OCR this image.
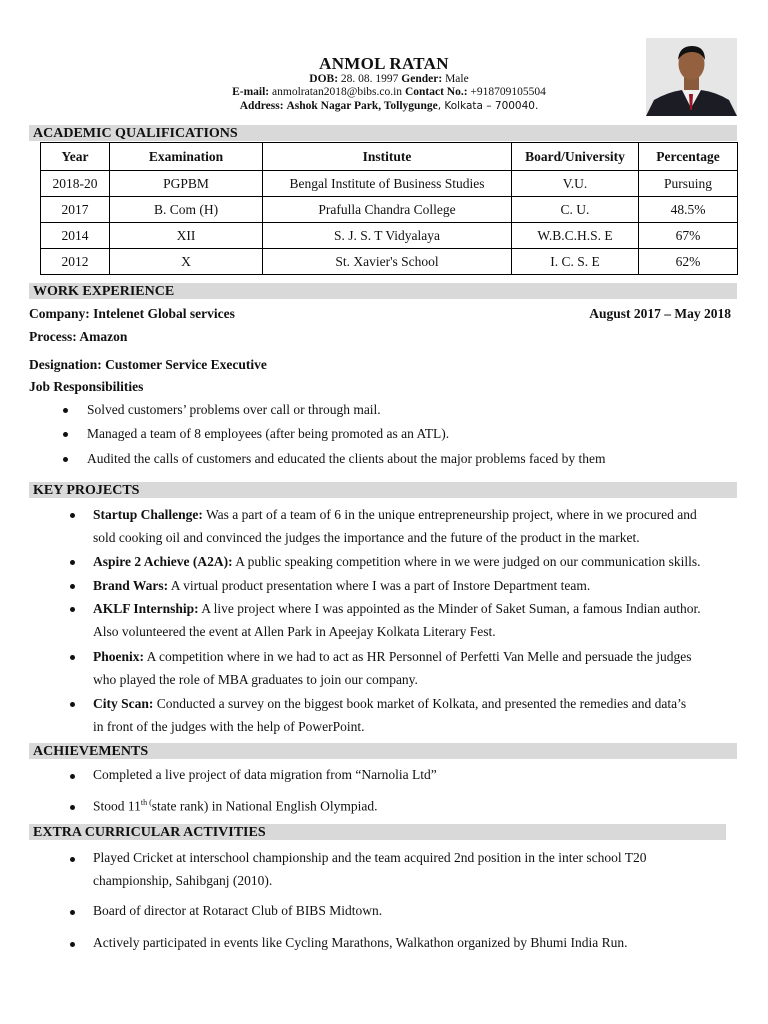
ANMOL RATAN
DOB: 28. 08. 1997 Gender: Male
E-mail: anmolratan2018@bibs.co.in Contact No.: +918709105504
Address: Ashok Nagar Park, Tollygunge, Kolkata – 700040.
ACADEMIC QUALIFICATIONS
Year	Examination	Institute	Board/University	Percentage
2018-20	PGPBM	Bengal Institute of Business Studies	V.U.	Pursuing
2017	B. Com (H)	Prafulla Chandra College	C. U.	48.5%
2014	XII	S. J. S. T Vidyalaya	W.B.C.H.S. E	67%
2012	X	St. Xavier's School	I. C. S. E	62%
WORK EXPERIENCE
Company: Intelenet Global services	August 2017 – May 2018
Process: Amazon
Designation: Customer Service Executive
Job Responsibilities
Solved customers’ problems over call or through mail.
Managed a team of 8 employees (after being promoted as an ATL).
Audited the calls of customers and educated the clients about the major problems faced by them
KEY PROJECTS
Startup Challenge: Was a part of a team of 6 in the unique entrepreneurship project, where in we procured and
sold cooking oil and convinced the judges the importance and the future of the product in the market.
Aspire 2 Achieve (A2A): A public speaking competition where in we were judged on our communication skills.
Brand Wars: A virtual product presentation where I was a part of Instore Department team.
AKLF Internship: A live project where I was appointed as the Minder of Saket Suman, a famous Indian author.
Also volunteered the event at Allen Park in Apeejay Kolkata Literary Fest.
Phoenix: A competition where in we had to act as HR Personnel of Perfetti Van Melle and persuade the judges
who played the role of MBA graduates to join our company.
City Scan: Conducted a survey on the biggest book market of Kolkata, and presented the remedies and data’s
in front of the judges with the help of PowerPoint.
ACHIEVEMENTS
Completed a live project of data migration from “Narnolia Ltd”
Stood $11^{th (}state$ rank) in National English Olympiad.
EXTRA CURRICULAR ACTIVITIES
Played Cricket at interschool championship and the team acquired 2nd position in the inter school T20
championship, Sahibganj (2010).
Board of director at Rotaract Club of BIBS Midtown.
Actively participated in events like Cycling Marathons, Walkathon organized by Bhumi India Run.
